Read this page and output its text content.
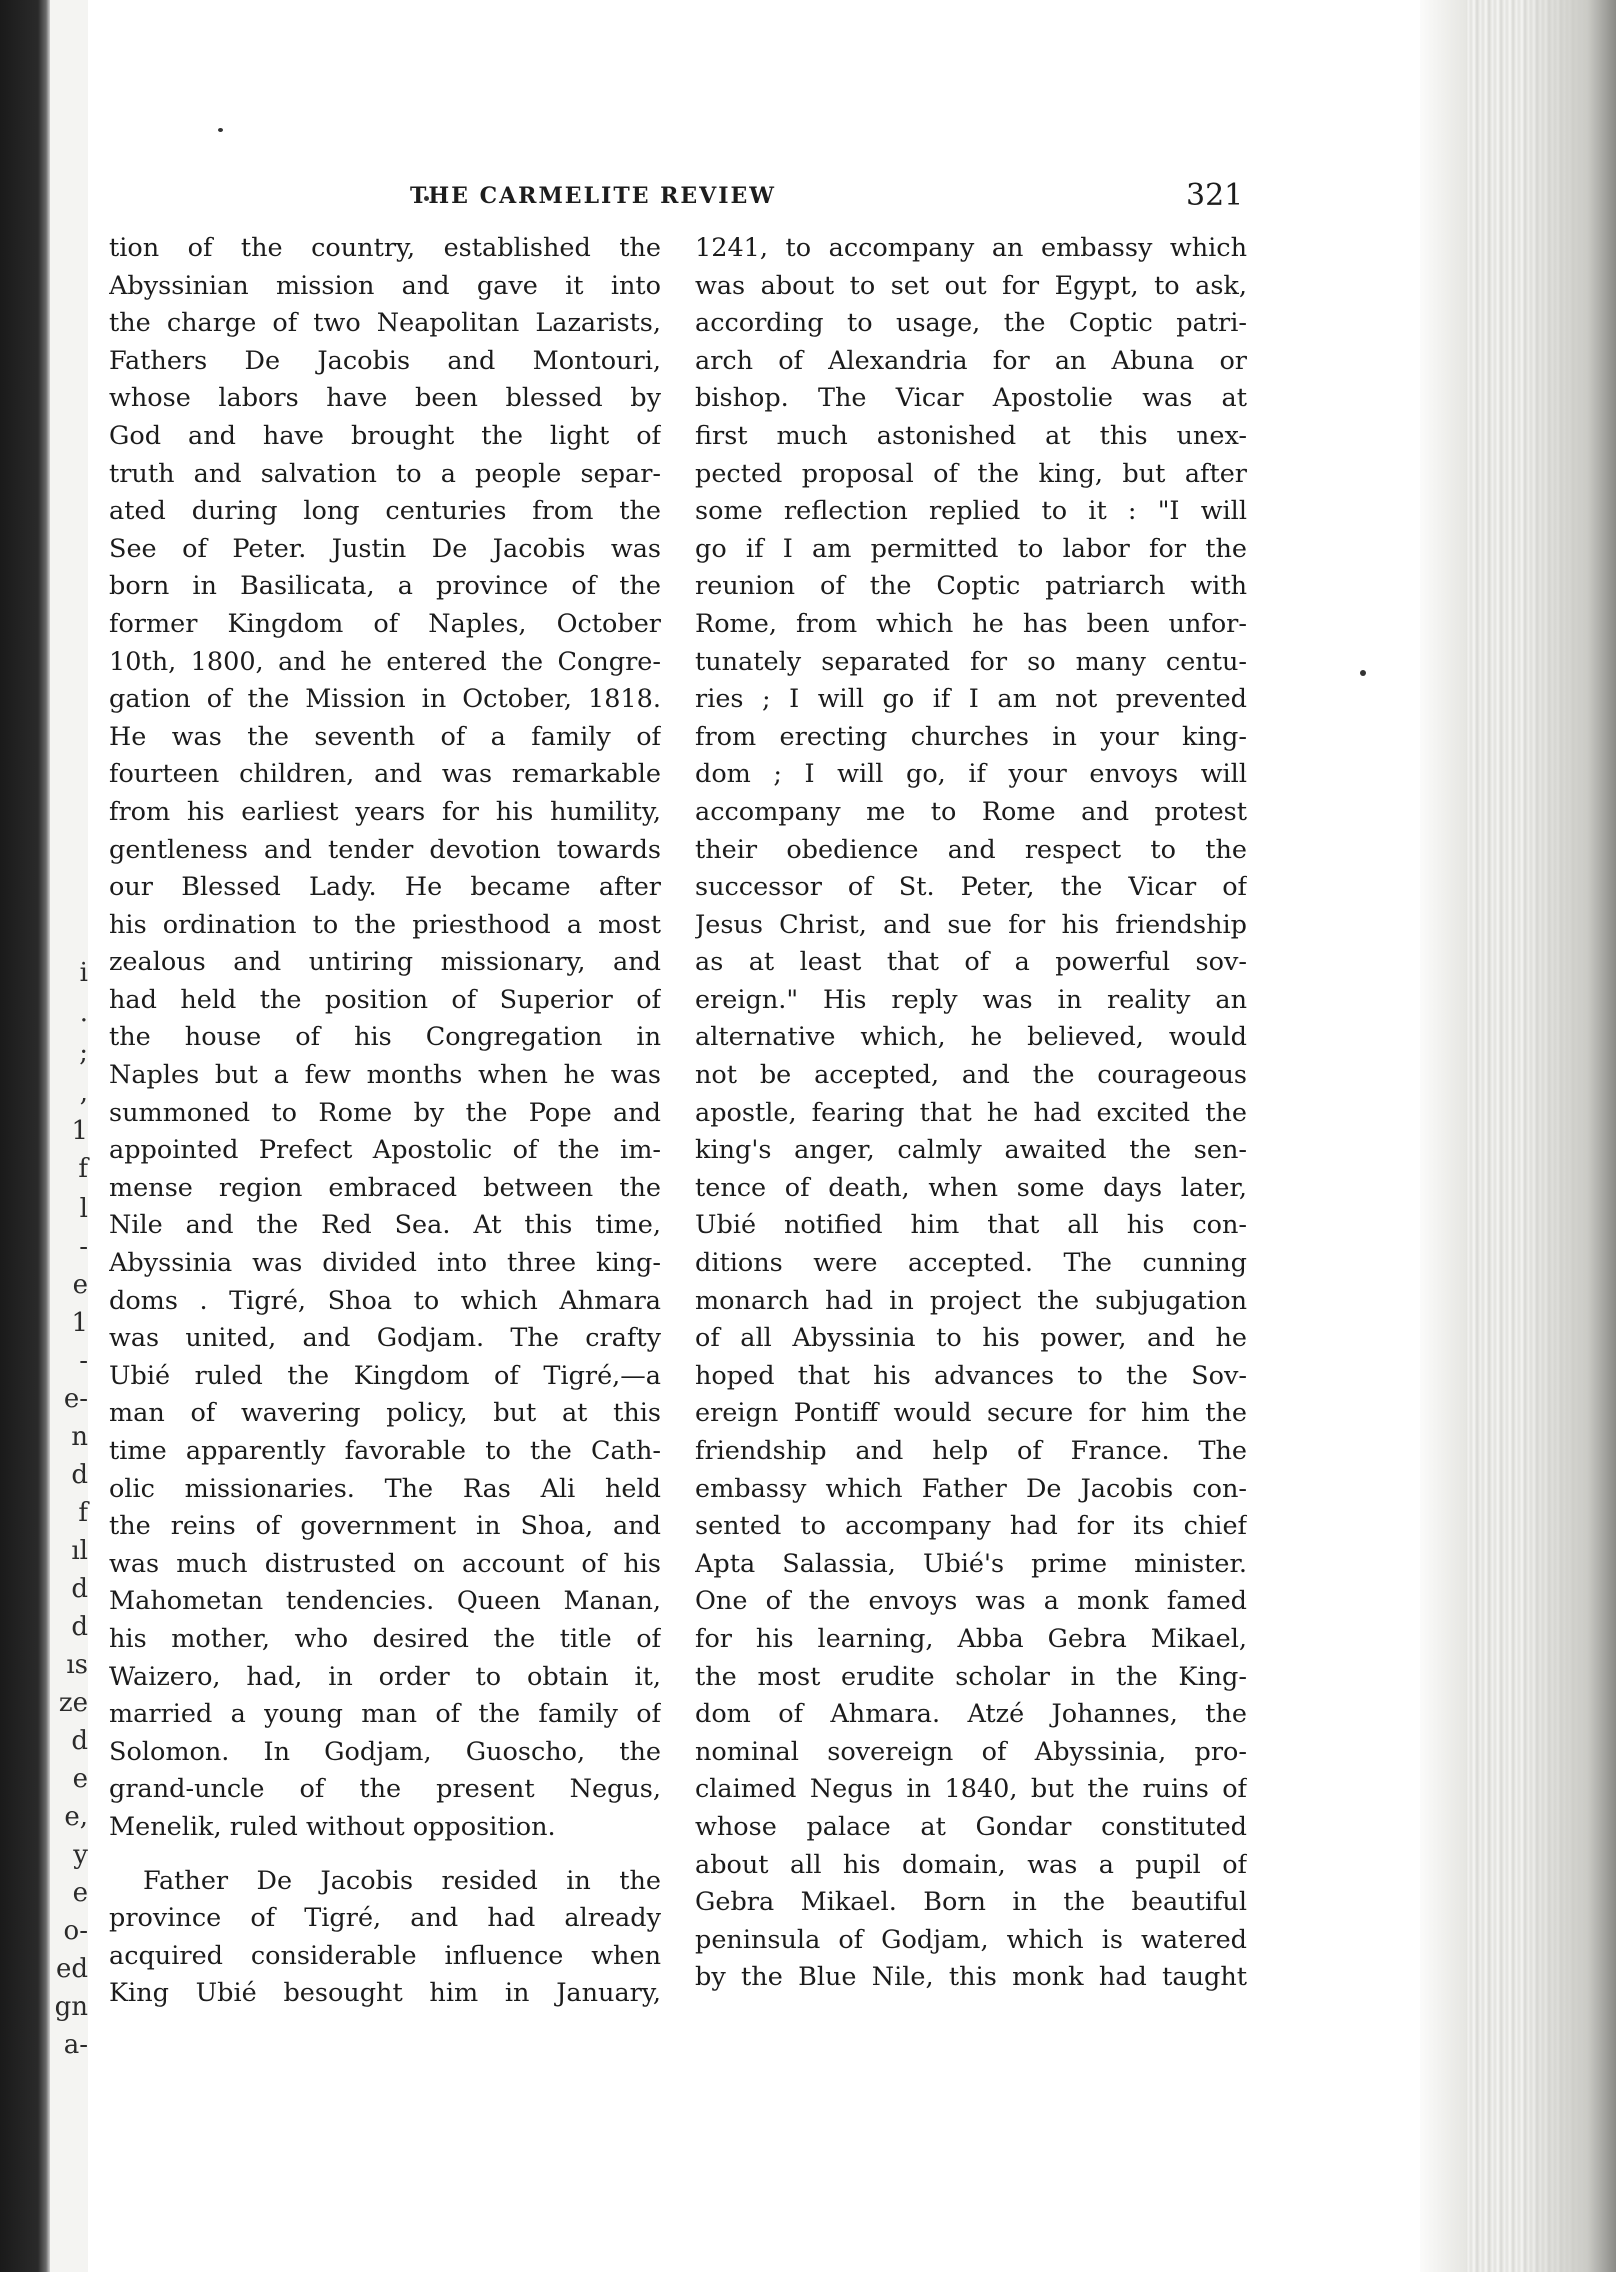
i
.
;
,
1
f
l
-
e
1
-
e-
n
d
f
ıl
d
d
ıs
ze
d
e
e,
y
e
o-
ed
gn
a-
THE CARMELITE REVIEW	321
tion of the country, established the
Abyssinian mission and gave it into
the charge of two Neapolitan Lazarists,
Fathers De Jacobis and Montouri,
whose labors have been blessed by
God and have brought the light of
truth and salvation to a people separ-
ated during long centuries from the
See of Peter. Justin De Jacobis was
born in Basilicata, a province of the
former Kingdom of Naples, October
10th, 1800, and he entered the Congre-
gation of the Mission in October, 1818.
He was the seventh of a family of
fourteen children, and was remarkable
from his earliest years for his humility,
gentleness and tender devotion towards
our Blessed Lady. He became after
his ordination to the priesthood a most
zealous and untiring missionary, and
had held the position of Superior of
the house of his Congregation in
Naples but a few months when he was
summoned to Rome by the Pope and
appointed Prefect Apostolic of the im-
mense region embraced between the
Nile and the Red Sea. At this time,
Abyssinia was divided into three king-
doms . Tigré, Shoa to which Ahmara
was united, and Godjam. The crafty
Ubié ruled the Kingdom of Tigré,—a
man of wavering policy, but at this
time apparently favorable to the Cath-
olic missionaries. The Ras Ali held
the reins of government in Shoa, and
was much distrusted on account of his
Mahometan tendencies. Queen Manan,
his mother, who desired the title of
Waizero, had, in order to obtain it,
married a young man of the family of
Solomon. In Godjam, Guoscho, the
grand-uncle of the present Negus,
Menelik, ruled without opposition.
Father De Jacobis resided in the
province of Tigré, and had already
acquired considerable influence when
King Ubié besought him in January,
1241, to accompany an embassy which
was about to set out for Egypt, to ask,
according to usage, the Coptic patri-
arch of Alexandria for an Abuna or
bishop. The Vicar Apostolie was at
first much astonished at this unex-
pected proposal of the king, but after
some reflection replied to it : "I will
go if I am permitted to labor for the
reunion of the Coptic patriarch with
Rome, from which he has been unfor-
tunately separated for so many centu-
ries ; I will go if I am not prevented
from erecting churches in your king-
dom ; I will go, if your envoys will
accompany me to Rome and protest
their obedience and respect to the
successor of St. Peter, the Vicar of
Jesus Christ, and sue for his friendship
as at least that of a powerful sov-
ereign." His reply was in reality an
alternative which, he believed, would
not be accepted, and the courageous
apostle, fearing that he had excited the
king's anger, calmly awaited the sen-
tence of death, when some days later,
Ubié notified him that all his con-
ditions were accepted. The cunning
monarch had in project the subjugation
of all Abyssinia to his power, and he
hoped that his advances to the Sov-
ereign Pontiff would secure for him the
friendship and help of France. The
embassy which Father De Jacobis con-
sented to accompany had for its chief
Apta Salassia, Ubié's prime minister.
One of the envoys was a monk famed
for his learning, Abba Gebra Mikael,
the most erudite scholar in the King-
dom of Ahmara. Atzé Johannes, the
nominal sovereign of Abyssinia, pro-
claimed Negus in 1840, but the ruins of
whose palace at Gondar constituted
about all his domain, was a pupil of
Gebra Mikael. Born in the beautiful
peninsula of Godjam, which is watered
by the Blue Nile, this monk had taught
